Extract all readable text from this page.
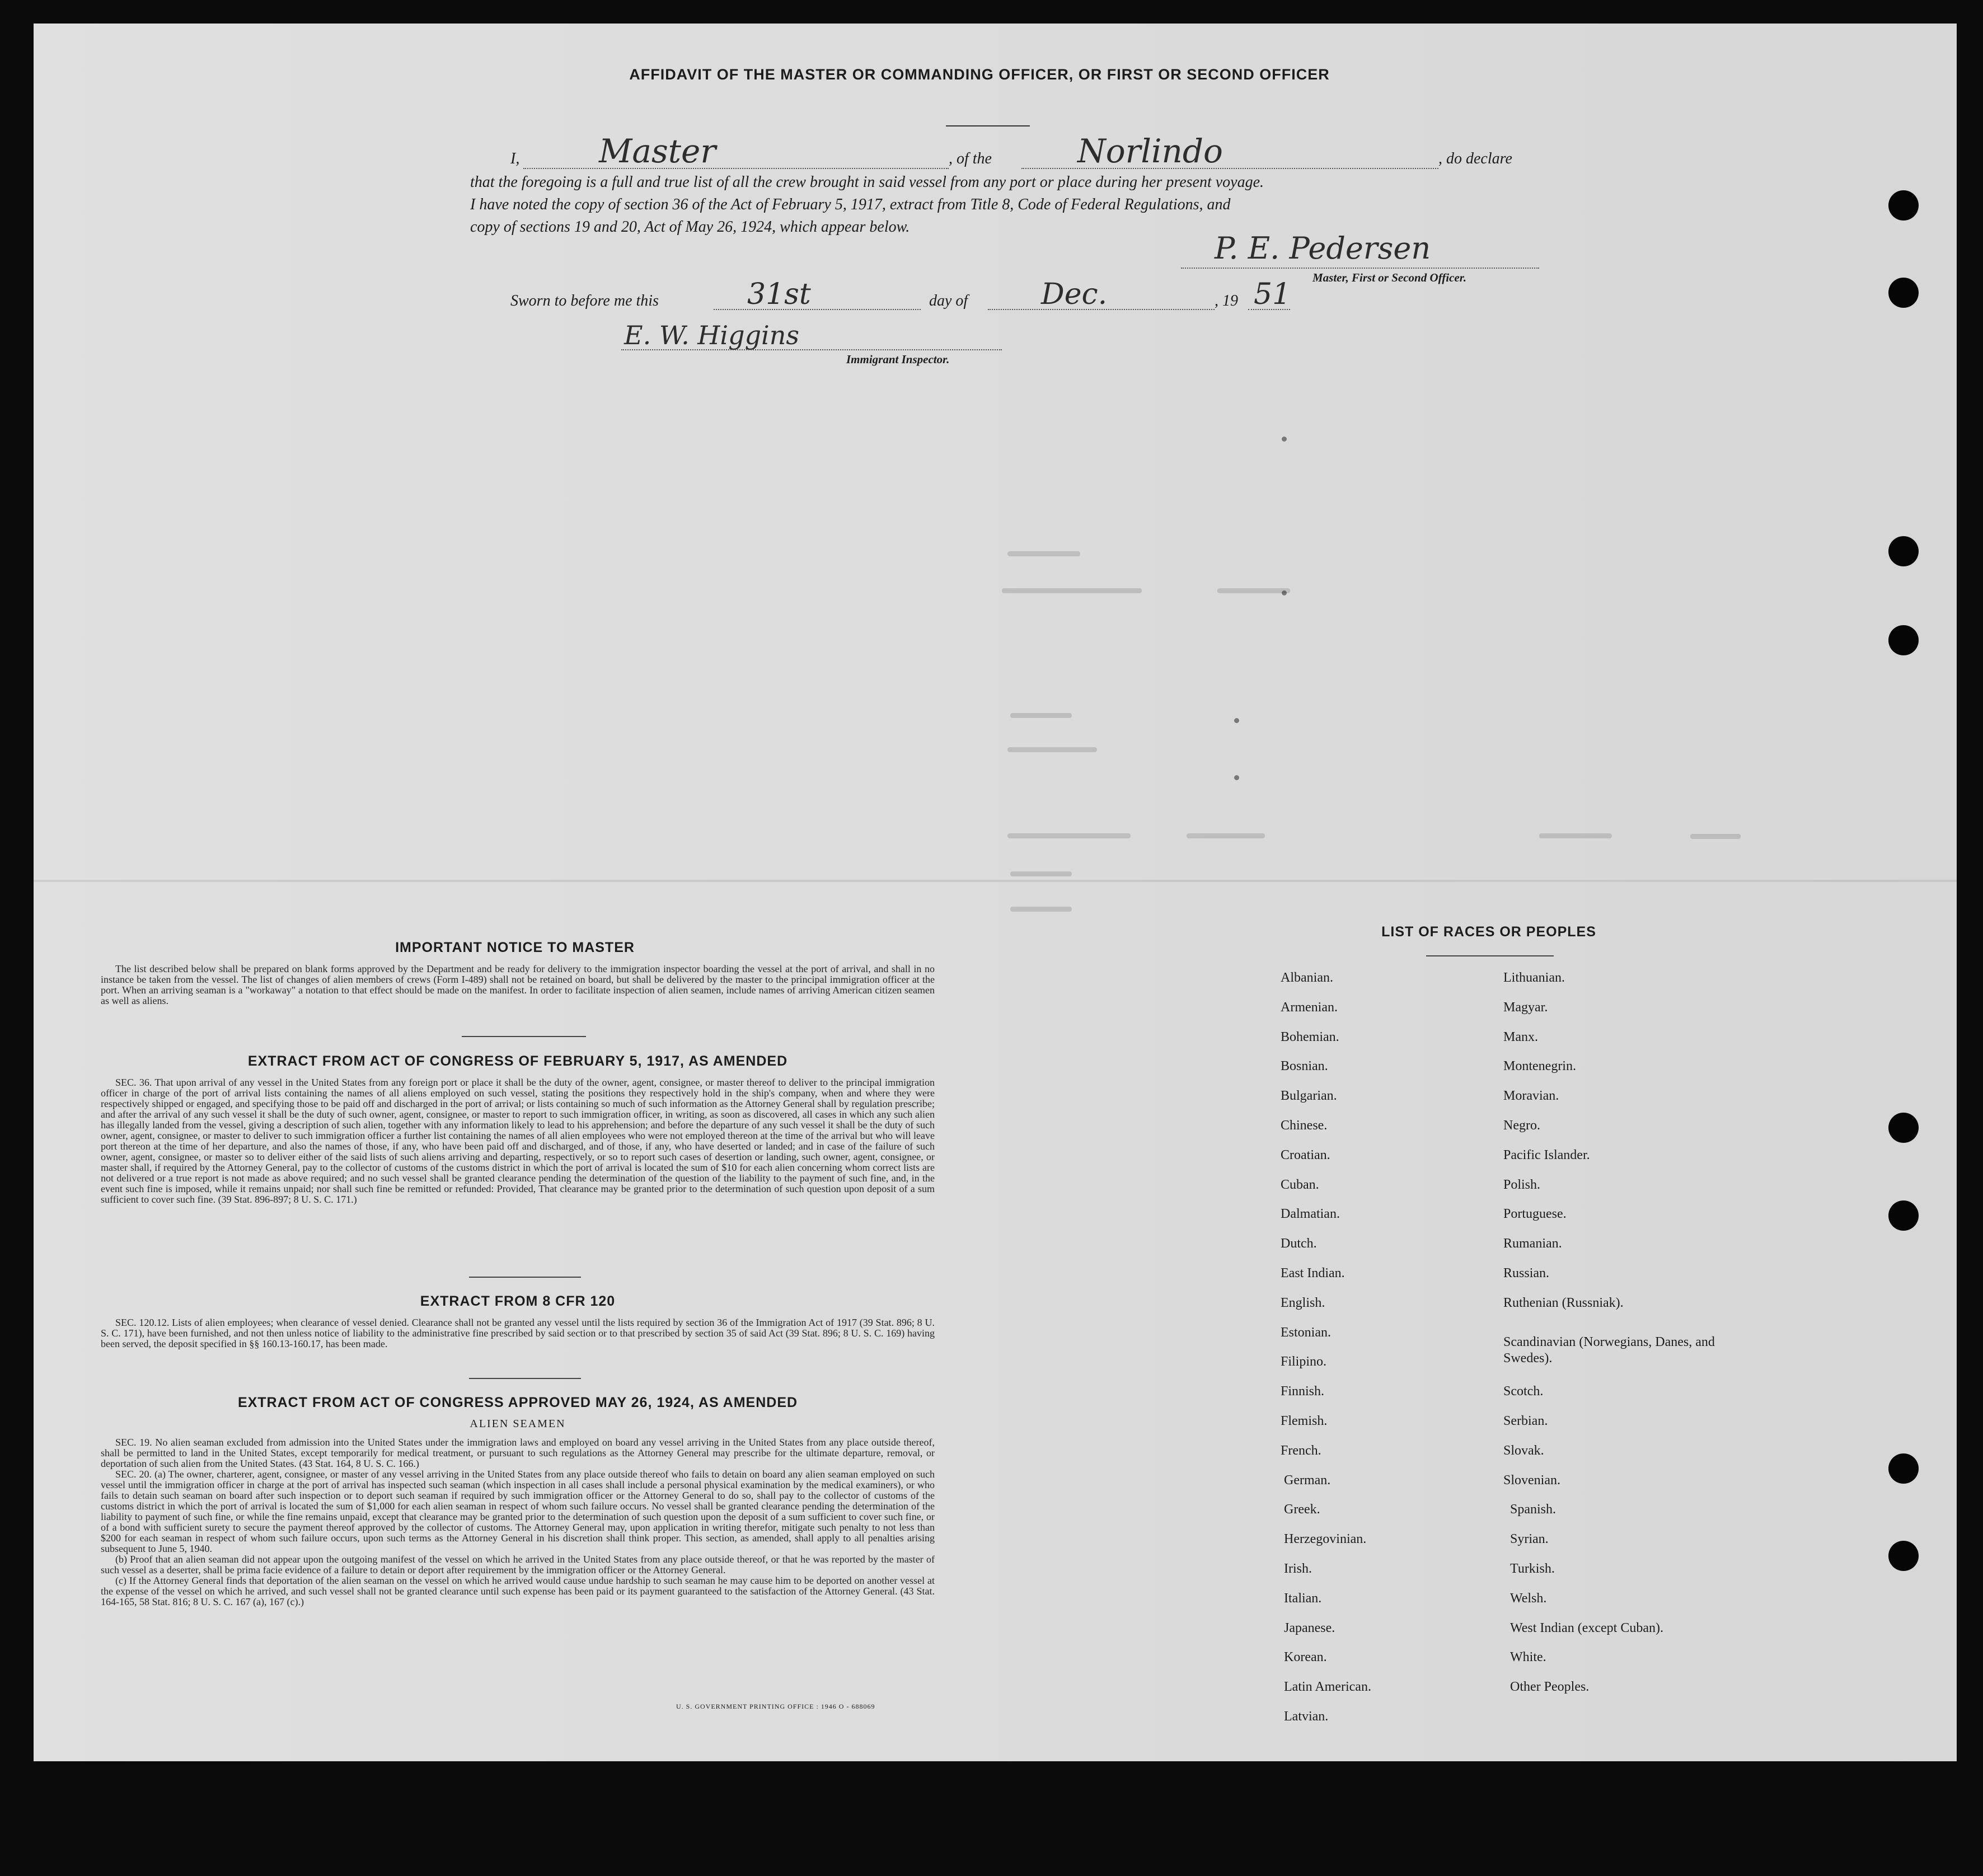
AFFIDAVIT OF THE MASTER OR COMMANDING OFFICER, OR FIRST OR SECOND OFFICER
I,	, of the	, do declare
Master	Norlindo
that the foregoing is a full and true list of all the crew brought in said vessel from any port or place during her present voyage.
I have noted the copy of section 36 of the Act of February 5, 1917, extract from Title 8, Code of Federal Regulations, and
copy of sections 19 and 20, Act of May 26, 1924, which appear below.
P. E. Pedersen
Master, First or Second Officer.
Sworn to before me this	day of	, 19
31st	Dec.	51
E. W. Higgins
Immigrant Inspector.
IMPORTANT NOTICE TO MASTER

The list described below shall be prepared on blank forms approved by the Department and be ready for delivery to the immigration inspector boarding the vessel at the port of arrival, and shall in no instance be taken from the vessel. The list of changes of alien members of crews (Form I-489) shall not be retained on board, but shall be delivered by the master to the principal immigration officer at the port. When an arriving seaman is a "workaway" a notation to that effect should be made on the manifest. In order to facilitate inspection of alien seamen, include names of arriving American citizen seamen as well as aliens.

EXTRACT FROM ACT OF CONGRESS OF FEBRUARY 5, 1917, AS AMENDED

SEC. 36. That upon arrival of any vessel in the United States from any foreign port or place it shall be the duty of the owner, agent, consignee, or master thereof to deliver to the principal immigration officer in charge of the port of arrival lists containing the names of all aliens employed on such vessel, stating the positions they respectively hold in the ship's company, when and where they were respectively shipped or engaged, and specifying those to be paid off and discharged in the port of arrival; or lists containing so much of such information as the Attorney General shall by regulation prescribe; and after the arrival of any such vessel it shall be the duty of such owner, agent, consignee, or master to report to such immigration officer, in writing, as soon as discovered, all cases in which any such alien has illegally landed from the vessel, giving a description of such alien, together with any information likely to lead to his apprehension; and before the departure of any such vessel it shall be the duty of such owner, agent, consignee, or master to deliver to such immigration officer a further list containing the names of all alien employees who were not employed thereon at the time of the arrival but who will leave port thereon at the time of her departure, and also the names of those, if any, who have been paid off and discharged, and of those, if any, who have deserted or landed; and in case of the failure of such owner, agent, consignee, or master so to deliver either of the said lists of such aliens arriving and departing, respectively, or so to report such cases of desertion or landing, such owner, agent, consignee, or master shall, if required by the Attorney General, pay to the collector of customs of the customs district in which the port of arrival is located the sum of $10 for each alien concerning whom correct lists are not delivered or a true report is not made as above required; and no such vessel shall be granted clearance pending the determination of the question of the liability to the payment of such fine, and, in the event such fine is imposed, while it remains unpaid; nor shall such fine be remitted or refunded: Provided, That clearance may be granted prior to the determination of such question upon deposit of a sum sufficient to cover such fine. (39 Stat. 896-897; 8 U. S. C. 171.)

EXTRACT FROM 8 CFR 120

SEC. 120.12. Lists of alien employees; when clearance of vessel denied. Clearance shall not be granted any vessel until the lists required by section 36 of the Immigration Act of 1917 (39 Stat. 896; 8 U. S. C. 171), have been furnished, and not then unless notice of liability to the administrative fine prescribed by said section or to that prescribed by section 35 of said Act (39 Stat. 896; 8 U. S. C. 169) having been served, the deposit specified in §§ 160.13-160.17, has been made.

EXTRACT FROM ACT OF CONGRESS APPROVED MAY 26, 1924, AS AMENDED
ALIEN SEAMEN

SEC. 19. No alien seaman excluded from admission into the United States under the immigration laws and employed on board any vessel arriving in the United States from any place outside thereof, shall be permitted to land in the United States, except temporarily for medical treatment, or pursuant to such regulations as the Attorney General may prescribe for the ultimate departure, removal, or deportation of such alien from the United States. (43 Stat. 164, 8 U. S. C. 166.)

SEC. 20. (a) The owner, charterer, agent, consignee, or master of any vessel arriving in the United States from any place outside thereof who fails to detain on board any alien seaman employed on such vessel until the immigration officer in charge at the port of arrival has inspected such seaman (which inspection in all cases shall include a personal physical examination by the medical examiners), or who fails to detain such seaman on board after such inspection or to deport such seaman if required by such immigration officer or the Attorney General to do so, shall pay to the collector of customs of the customs district in which the port of arrival is located the sum of $1,000 for each alien seaman in respect of whom such failure occurs. No vessel shall be granted clearance pending the determination of the liability to payment of such fine, or while the fine remains unpaid, except that clearance may be granted prior to the determination of such question upon the deposit of a sum sufficient to cover such fine, or of a bond with sufficient surety to secure the payment thereof approved by the collector of customs. The Attorney General may, upon application in writing therefor, mitigate such penalty to not less than $200 for each seaman in respect of whom such failure occurs, upon such terms as the Attorney General in his discretion shall think proper. This section, as amended, shall apply to all penalties arising subsequent to June 5, 1940.

(b) Proof that an alien seaman did not appear upon the outgoing manifest of the vessel on which he arrived in the United States from any place outside thereof, or that he was reported by the master of such vessel as a deserter, shall be prima facie evidence of a failure to detain or deport after requirement by the immigration officer or the Attorney General.

(c) If the Attorney General finds that deportation of the alien seaman on the vessel on which he arrived would cause undue hardship to such seaman he may cause him to be deported on another vessel at the expense of the vessel on which he arrived, and such vessel shall not be granted clearance until such expense has been paid or its payment guaranteed to the satisfaction of the Attorney General. (43 Stat. 164-165, 58 Stat. 816; 8 U. S. C. 167 (a), 167 (c).)

U. S. GOVERNMENT PRINTING OFFICE : 1946 O - 688069
LIST OF RACES OR PEOPLES
Albanian.
Armenian.
Bohemian.
Bosnian.
Bulgarian.
Chinese.
Croatian.
Cuban.
Dalmatian.
Dutch.
East Indian.
English.
Estonian.
Filipino.
Finnish.
Flemish.
French.
German.
Greek.
Herzegovinian.
Irish.
Italian.
Japanese.
Korean.
Latin American.
Latvian.
Lithuanian.
Magyar.
Manx.
Montenegrin.
Moravian.
Negro.
Pacific Islander.
Polish.
Portuguese.
Rumanian.
Russian.
Ruthenian (Russniak).
Scandinavian (Norwegians, Danes, and Swedes).
Scotch.
Serbian.
Slovak.
Slovenian.
Spanish.
Syrian.
Turkish.
Welsh.
West Indian (except Cuban).
White.
Other Peoples.
